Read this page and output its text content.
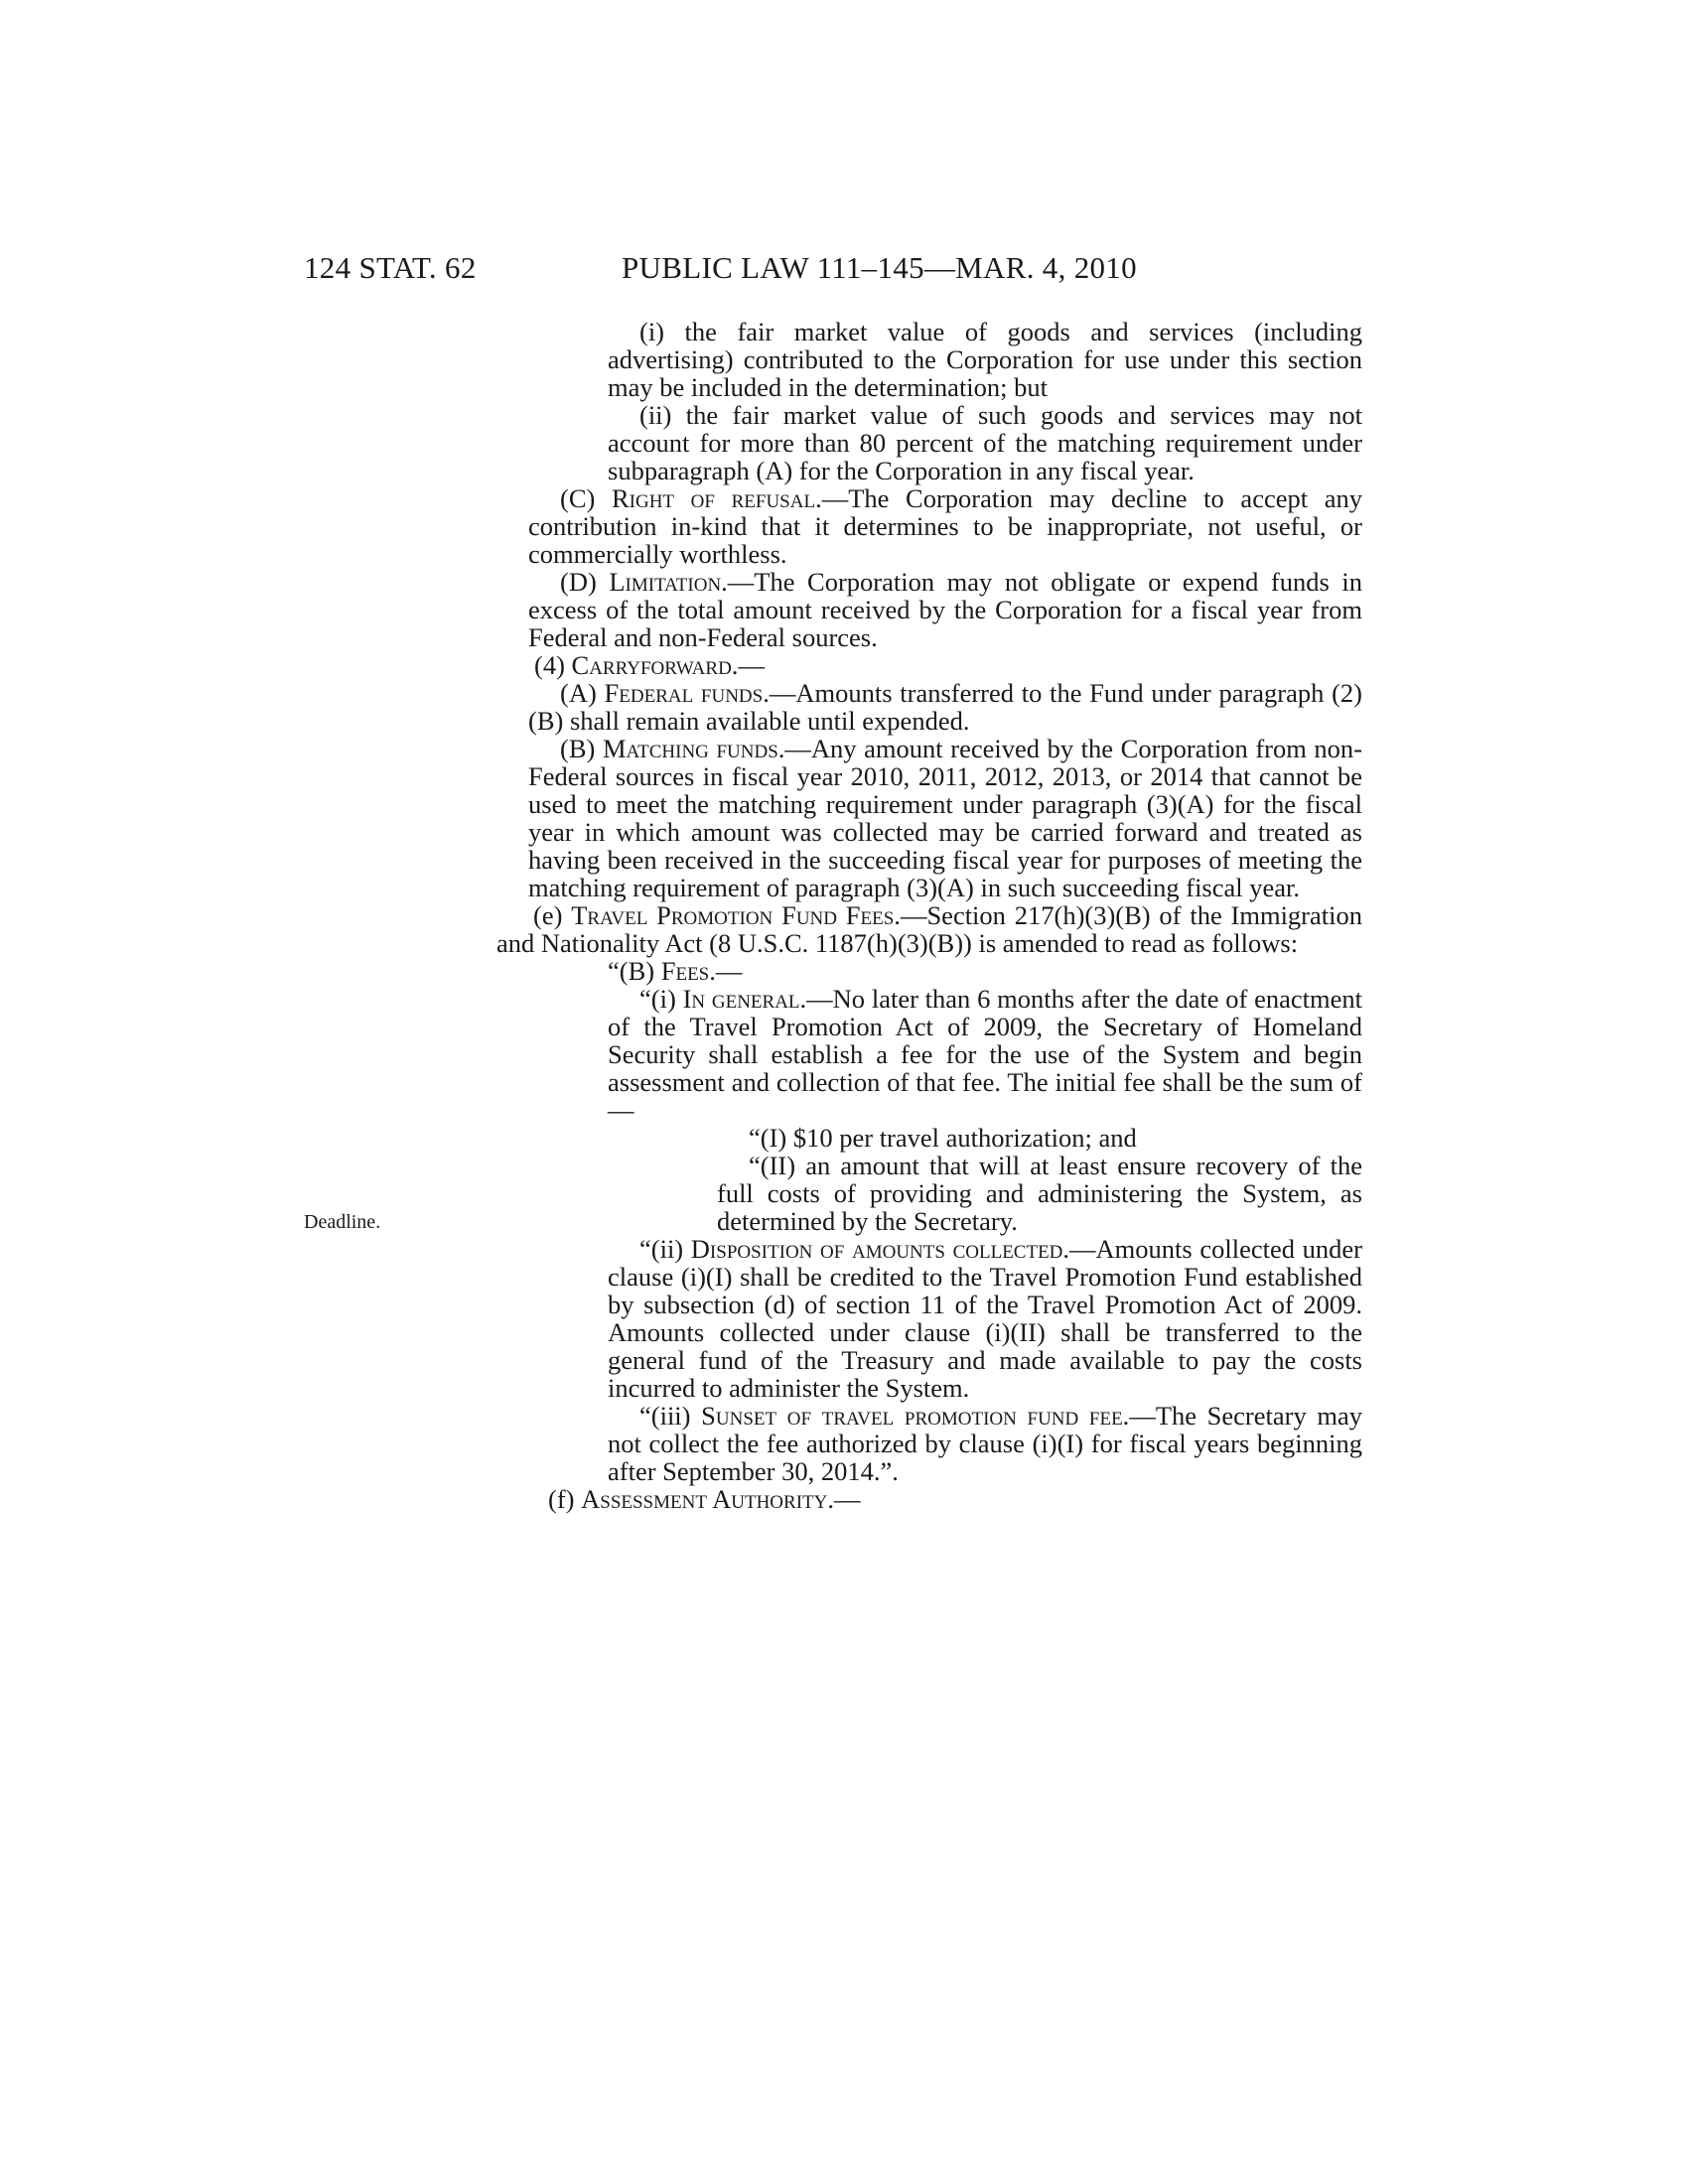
124 STAT. 62	PUBLIC LAW 111–145—MAR. 4, 2010
Deadline.

(i) the fair market value of goods and services (including advertising) contributed to the Corporation for use under this section may be included in the determination; but

(ii) the fair market value of such goods and services may not account for more than 80 percent of the matching requirement under subparagraph (A) for the Corporation in any fiscal year.

(C) Right of refusal.—The Corporation may decline to accept any contribution in-kind that it determines to be inappropriate, not useful, or commercially worthless.

(D) Limitation.—The Corporation may not obligate or expend funds in excess of the total amount received by the Corporation for a fiscal year from Federal and non-Federal sources.

(4) Carryforward.—

(A) Federal funds.—Amounts transferred to the Fund under paragraph (2)(B) shall remain available until expended.

(B) Matching funds.—Any amount received by the Corporation from non-Federal sources in fiscal year 2010, 2011, 2012, 2013, or 2014 that cannot be used to meet the matching requirement under paragraph (3)(A) for the fiscal year in which amount was collected may be carried forward and treated as having been received in the succeeding fiscal year for purposes of meeting the matching requirement of paragraph (3)(A) in such succeeding fiscal year.

(e) Travel Promotion Fund Fees.—Section 217(h)(3)(B) of the Immigration and Nationality Act (8 U.S.C. 1187(h)(3)(B)) is amended to read as follows:

“(B) Fees.—

“(i) In general.—No later than 6 months after the date of enactment of the Travel Promotion Act of 2009, the Secretary of Homeland Security shall establish a fee for the use of the System and begin assessment and collection of that fee. The initial fee shall be the sum of—

“(I) $10 per travel authorization; and

“(II) an amount that will at least ensure recovery of the full costs of providing and administering the System, as determined by the Secretary.

“(ii) Disposition of amounts collected.—Amounts collected under clause (i)(I) shall be credited to the Travel Promotion Fund established by subsection (d) of section 11 of the Travel Promotion Act of 2009. Amounts collected under clause (i)(II) shall be transferred to the general fund of the Treasury and made available to pay the costs incurred to administer the System.

“(iii) Sunset of travel promotion fund fee.—The Secretary may not collect the fee authorized by clause (i)(I) for fiscal years beginning after September 30, 2014.”.

(f) Assessment Authority.—
